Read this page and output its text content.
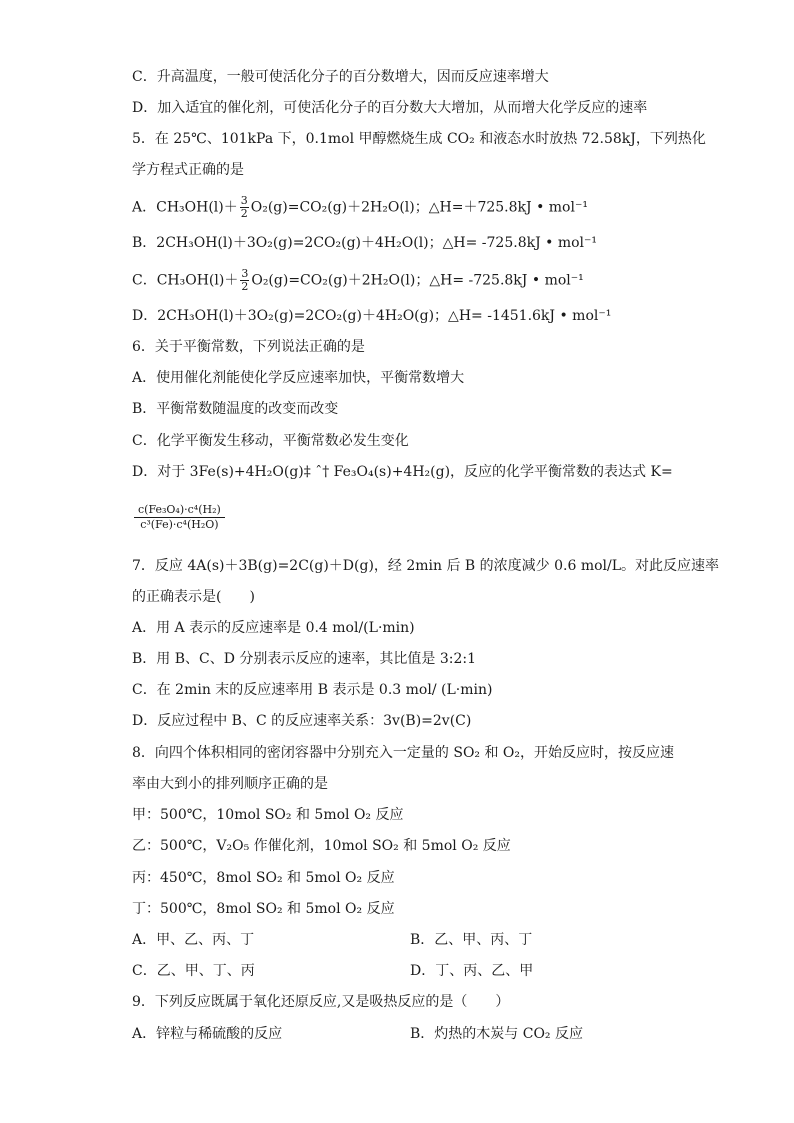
C．升高温度，一般可使活化分子的百分数增大，因而反应速率增大
D．加入适宜的催化剂，可使活化分子的百分数大大增加，从而增大化学反应的速率
5．在 25℃、101kPa 下，0.1mol 甲醇燃烧生成 CO₂ 和液态水时放热 72.58kJ，下列热化
学方程式正确的是
A．$CH_3OH(l)+ \frac{3}{2} O_2(g)=CO_2(g)+2H_2O(l)$；△H=＋725.8kJ • mol⁻¹
B．2CH₃OH(l)＋3O₂(g)=2CO₂(g)＋4H₂O(l)；△H= -725.8kJ • mol⁻¹
C．$CH_3OH(l)+ \frac{3}{2} O_2(g)=CO_2(g)+2H_2O(l)$；△H= -725.8kJ • mol⁻¹
D．2CH₃OH(l)＋3O₂(g)=2CO₂(g)＋4H₂O(g)；△H= -1451.6kJ • mol⁻¹
6．关于平衡常数，下列说法正确的是
A．使用催化剂能使化学反应速率加快，平衡常数增大
B．平衡常数随温度的改变而改变
C．化学平衡发生移动，平衡常数必发生变化
D．对于 3Fe(s)+4H₂O(g)‡ ˆ† Fe₃O₄(s)+4H₂(g)，反应的化学平衡常数的表达式 K=
$\frac{\text{c(Fe₃O₄)·c⁴(H₂)}}{\text{c³(Fe)·c⁴(H₂O)}}$
7．反应 4A(s)＋3B(g)=2C(g)＋D(g)，经 2min 后 B 的浓度减少 0.6 mol/L。对此反应速率
的正确表示是(　　)
A．用 A 表示的反应速率是 0.4 mol/(L·min)
B．用 B、C、D 分别表示反应的速率，其比值是 3:2:1
C．在 2min 末的反应速率用 B 表示是 0.3 mol/ (L·min)
D．反应过程中 B、C 的反应速率关系：3v(B)=2v(C)
8．向四个体积相同的密闭容器中分别充入一定量的 SO₂ 和 O₂，开始反应时，按反应速
率由大到小的排列顺序正确的是
甲：500℃，10mol SO₂ 和 5mol O₂ 反应
乙：500℃，V₂O₅ 作催化剂，10mol SO₂ 和 5mol O₂ 反应
丙：450℃，8mol SO₂ 和 5mol O₂ 反应
丁：500℃，8mol SO₂ 和 5mol O₂ 反应
A．甲、乙、丙、丁	B．乙、甲、丙、丁
C．乙、甲、丁、丙	D．丁、丙、乙、甲
9．下列反应既属于氧化还原反应,又是吸热反应的是（　　）
A．锌粒与稀硫酸的反应	B．灼热的木炭与 CO₂ 反应
